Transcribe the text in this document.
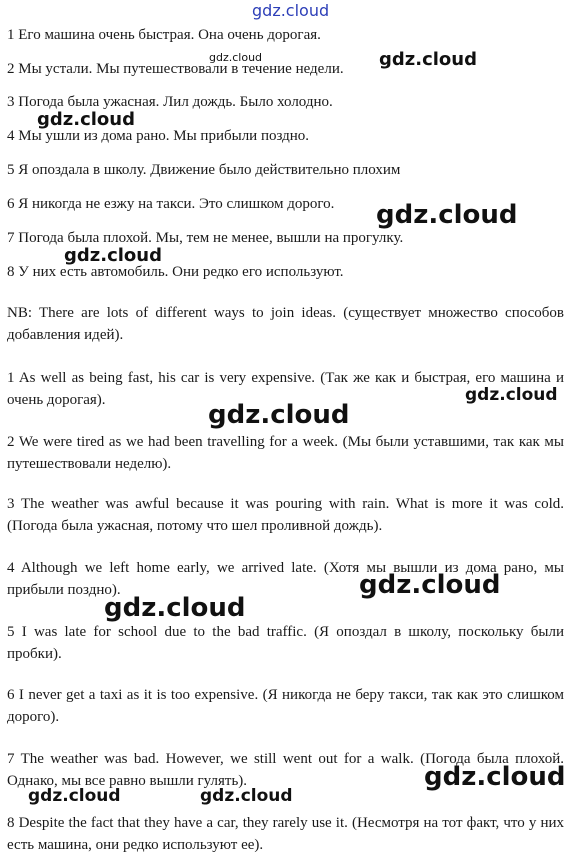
gdz.cloud
1 Его машина очень быстрая. Она очень дорогая.
2 Мы устали. Мы путешествовали в течение недели.
3 Погода была ужасная. Лил дождь. Было холодно.
4 Мы ушли из дома рано. Мы прибыли поздно.
5 Я опоздала в школу. Движение было действительно плохим
6 Я никогда не езжу на такси. Это слишком дорого.
7 Погода была плохой. Мы, тем не менее, вышли на прогулку.
8 У них есть автомобиль. Они редко его используют.
NB: There are lots of different ways to join ideas. (существует множество способов добавления идей).
1 As well as being fast, his car is very expensive. (Так же как и быстрая, его машина и очень дорогая).
2 We were tired as we had been travelling for a week. (Мы были уставшими, так как мы путешествовали неделю).
3 The weather was awful because it was pouring with rain. What is more it was cold. (Погода была ужасная, потому что шел проливной дождь).
4 Although we left home early, we arrived late. (Хотя мы вышли из дома рано, мы прибыли поздно).
5 I was late for school due to the bad traffic. (Я опоздал в школу, поскольку были пробки).
6 I never get a taxi as it is too expensive. (Я никогда не беру такси, так как это слишком дорого).
7 The weather was bad. However, we still went out for a walk. (Погода была плохой. Однако, мы все равно вышли гулять).
8 Despite the fact that they have a car, they rarely use it. (Несмотря на тот факт, что у них есть машина, они редко используют ее).
gdz.cloud	gdz.cloud
gdz.cloud
gdz.cloud
gdz.cloud
gdz.cloud
gdz.cloud
gdz.cloud
gdz.cloud
gdz.cloud
gdz.cloud	gdz.cloud
